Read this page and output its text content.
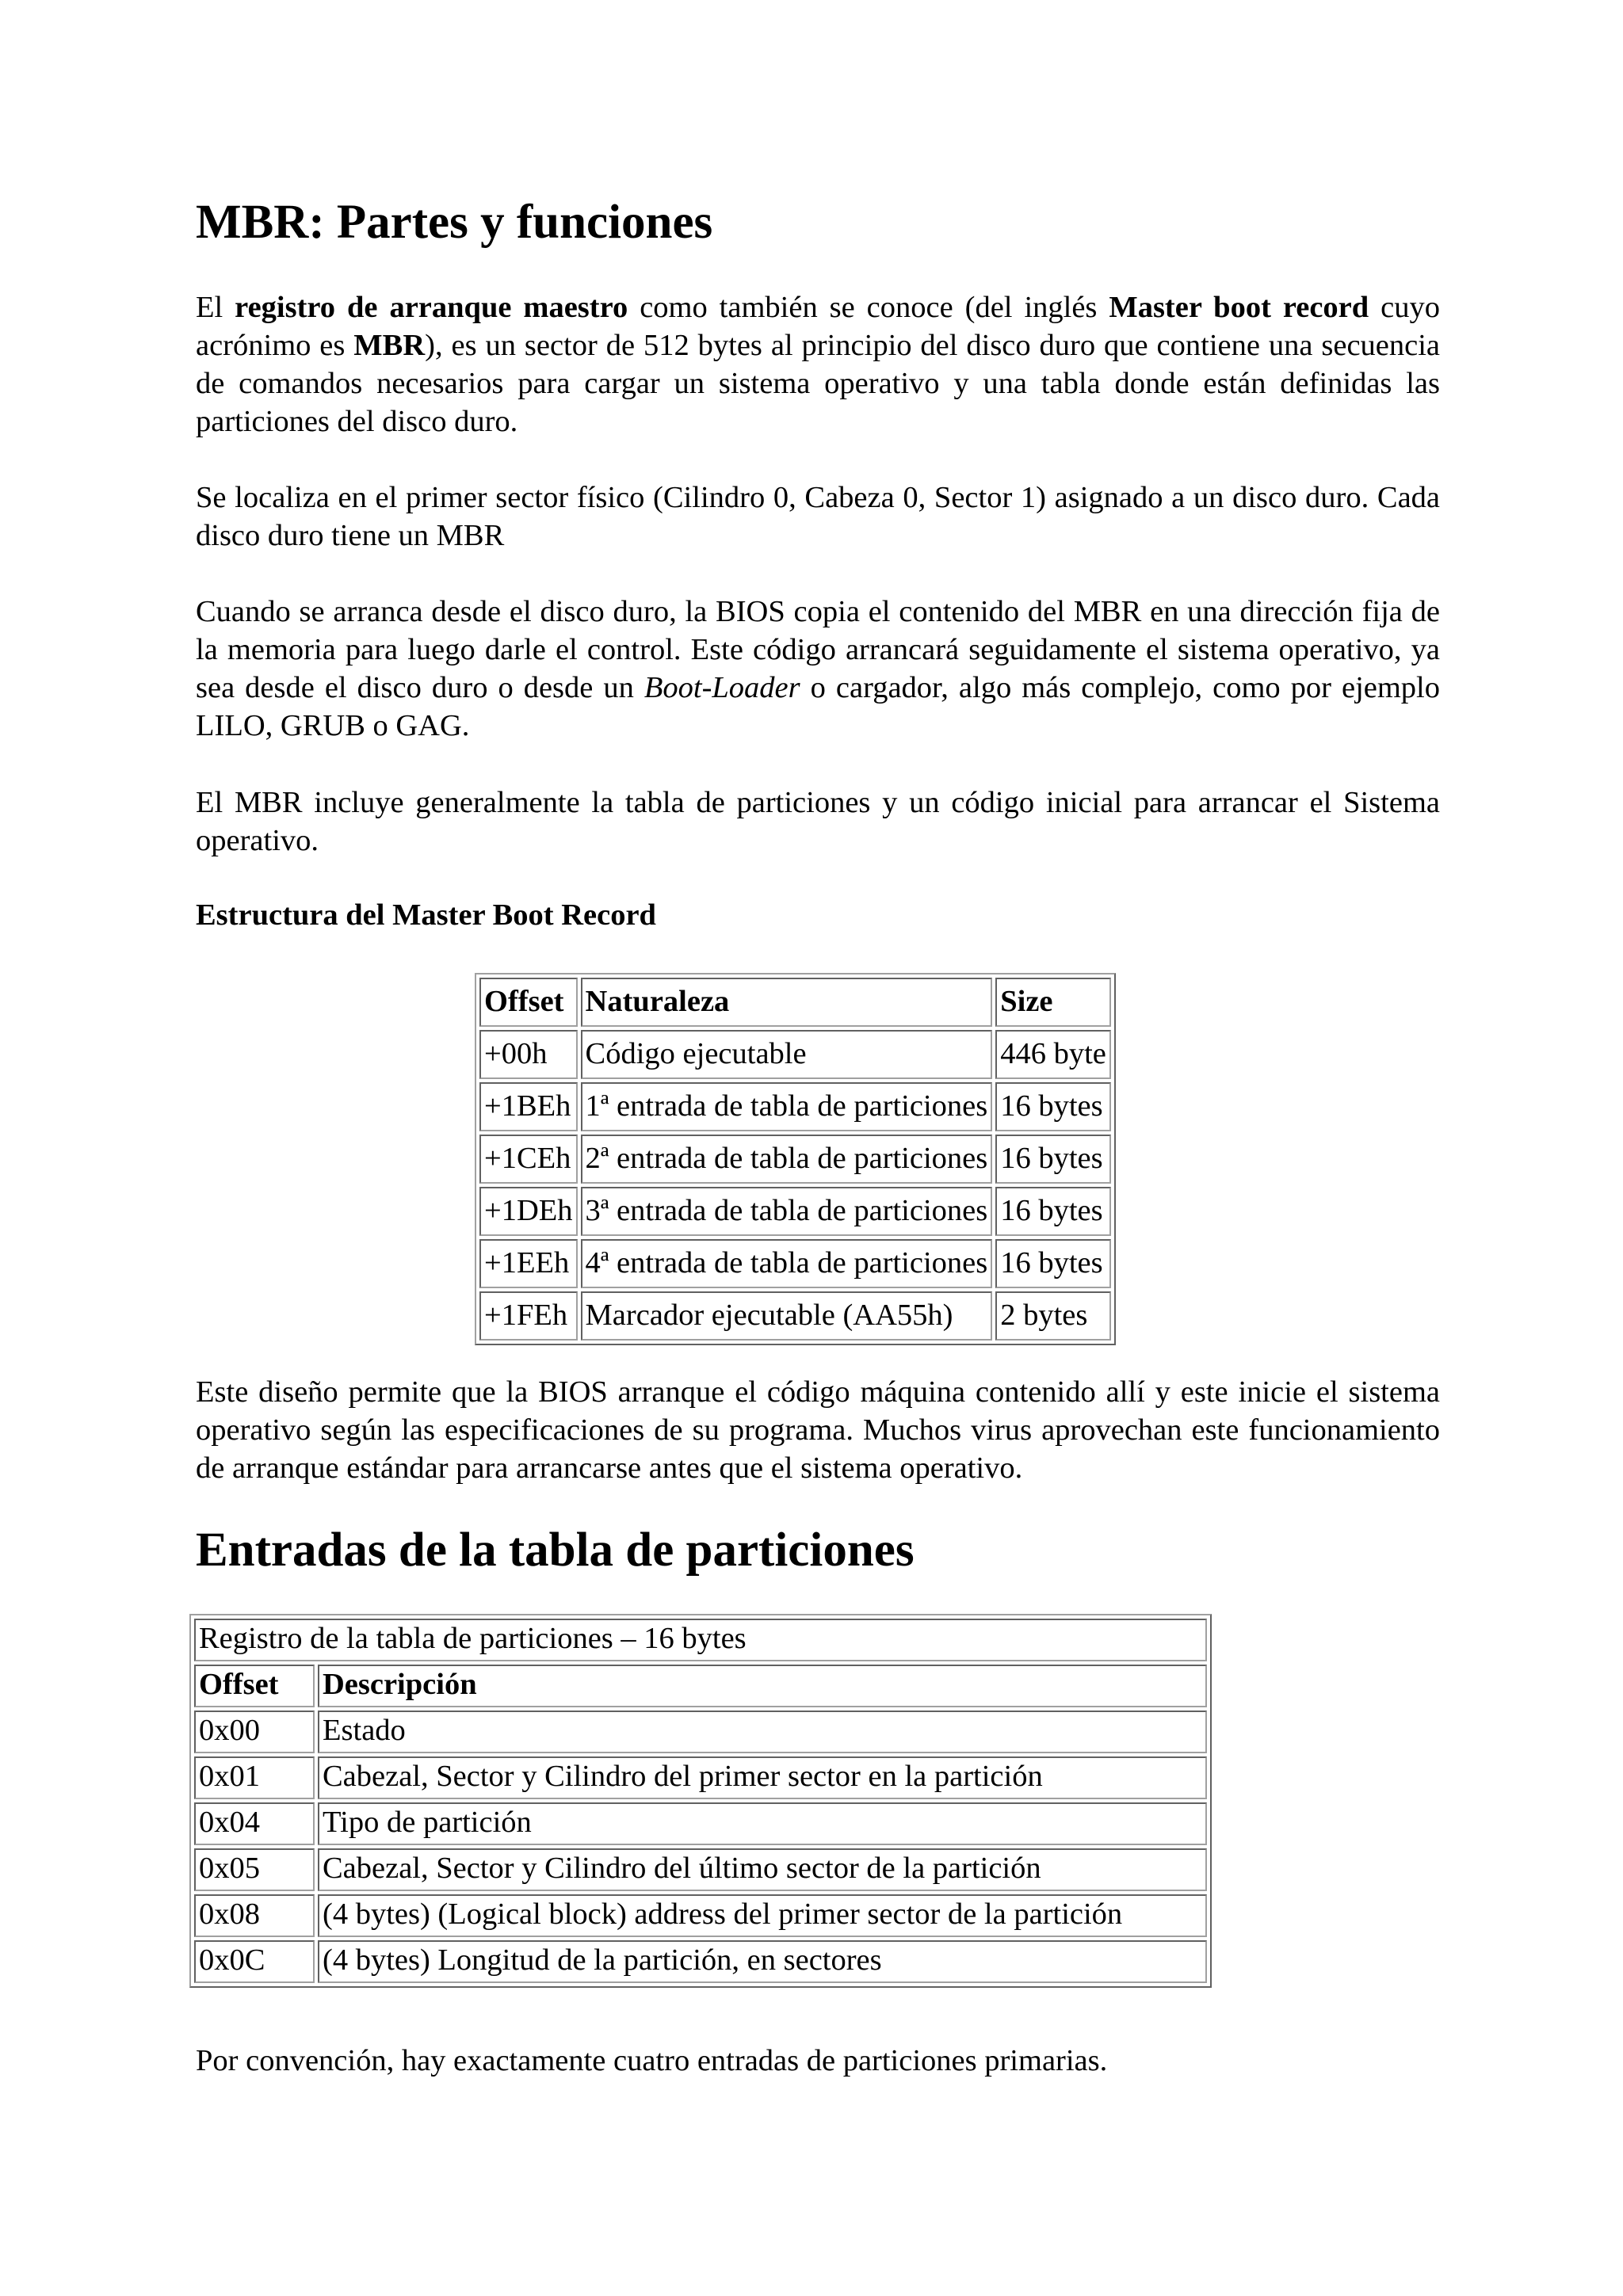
MBR: Partes y funciones

El registro de arranque maestro como también se conoce (del inglés Master boot record cuyo acrónimo es MBR), es un sector de 512 bytes al principio del disco duro que contiene una secuencia de comandos necesarios para cargar un sistema operativo y una tabla donde están definidas las particiones del disco duro.

Se localiza en el primer sector físico (Cilindro 0, Cabeza 0, Sector 1) asignado a un disco duro. Cada disco duro tiene un MBR

Cuando se arranca desde el disco duro, la BIOS copia el contenido del MBR en una dirección fija de la memoria para luego darle el control. Este código arrancará seguidamente el sistema operativo, ya sea desde el disco duro o desde un Boot-Loader o cargador, algo más complejo, como por ejemplo LILO, GRUB o GAG.

El MBR incluye generalmente la tabla de particiones y un código inicial para arrancar el Sistema operativo.

Estructura del Master Boot Record

Offset	Naturaleza	Size
+00h	Código ejecutable	446 byte
+1BEh	1ª entrada de tabla de particiones	16 bytes
+1CEh	2ª entrada de tabla de particiones	16 bytes
+1DEh	3ª entrada de tabla de particiones	16 bytes
+1EEh	4ª entrada de tabla de particiones	16 bytes
+1FEh	Marcador ejecutable (AA55h)	2 bytes

Este diseño permite que la BIOS arranque el código máquina contenido allí y este inicie el sistema operativo según las especificaciones de su programa. Muchos virus aprovechan este funcionamiento de arranque estándar para arrancarse antes que el sistema operativo.

Entradas de la tabla de particiones
Registro de la tabla de particiones – 16 bytes	
Offset	Descripción
0x00	Estado
0x01	Cabezal, Sector y Cilindro del primer sector en la partición
0x04	Tipo de partición
0x05	Cabezal, Sector y Cilindro del último sector de la partición
0x08	(4 bytes) (Logical block) address del primer sector de la partición
0x0C	(4 bytes) Longitud de la partición, en sectores

Por convención, hay exactamente cuatro entradas de particiones primarias.
